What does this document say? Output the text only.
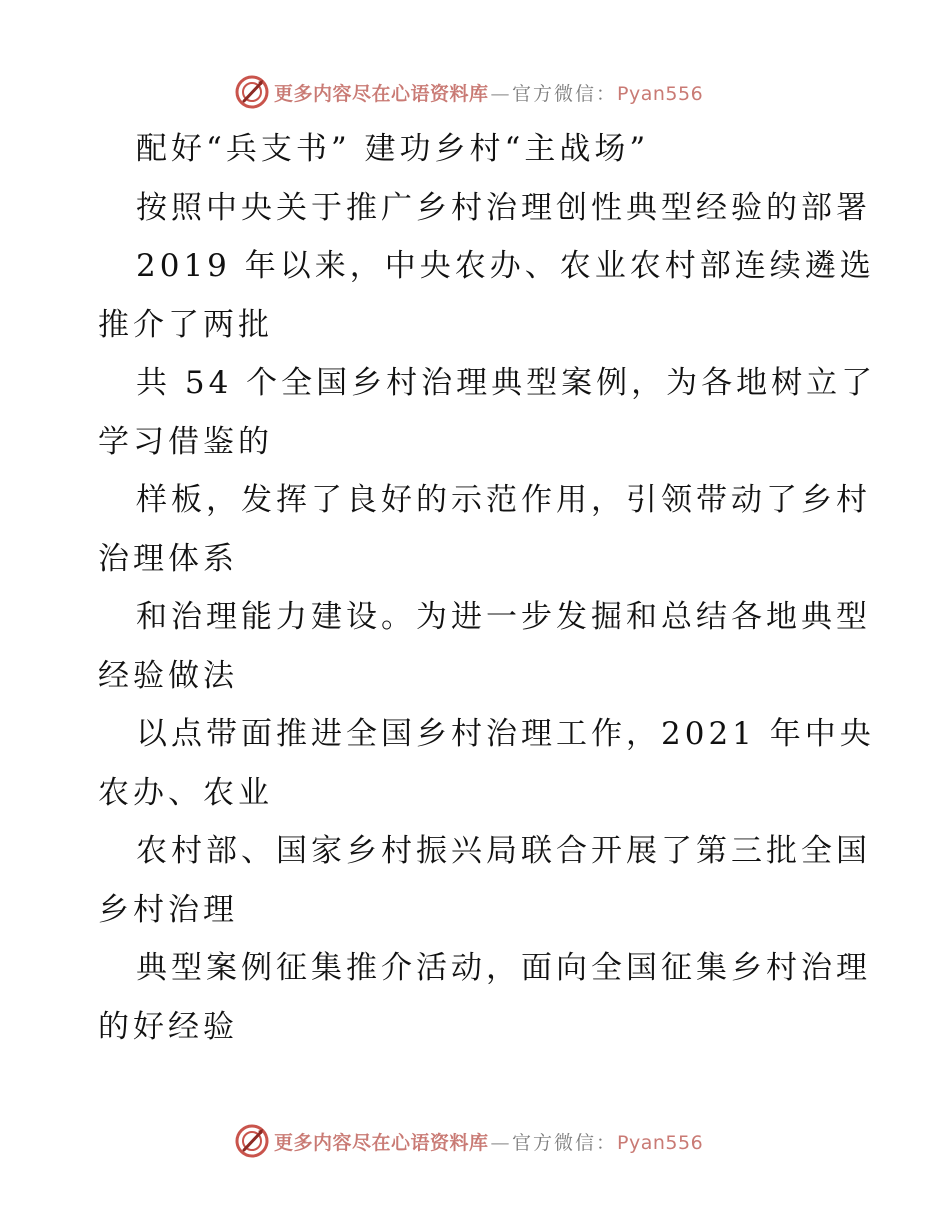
更多内容尽在心语资料库 — 官方微信：Pyan556
配好“兵支书” 建功乡村“主战场”
按照中央关于推广乡村治理创性典型经验的部署
2019 年以来，中央农办、农业农村部连续遴选
推介了两批
共 54 个全国乡村治理典型案例，为各地树立了
学习借鉴的
样板，发挥了良好的示范作用，引领带动了乡村
治理体系
和治理能力建设。为进一步发掘和总结各地典型
经验做法
以点带面推进全国乡村治理工作，2021 年中央
农办、农业
农村部、国家乡村振兴局联合开展了第三批全国
乡村治理
典型案例征集推介活动，面向全国征集乡村治理
的好经验
更多内容尽在心语资料库 — 官方微信：Pyan556
